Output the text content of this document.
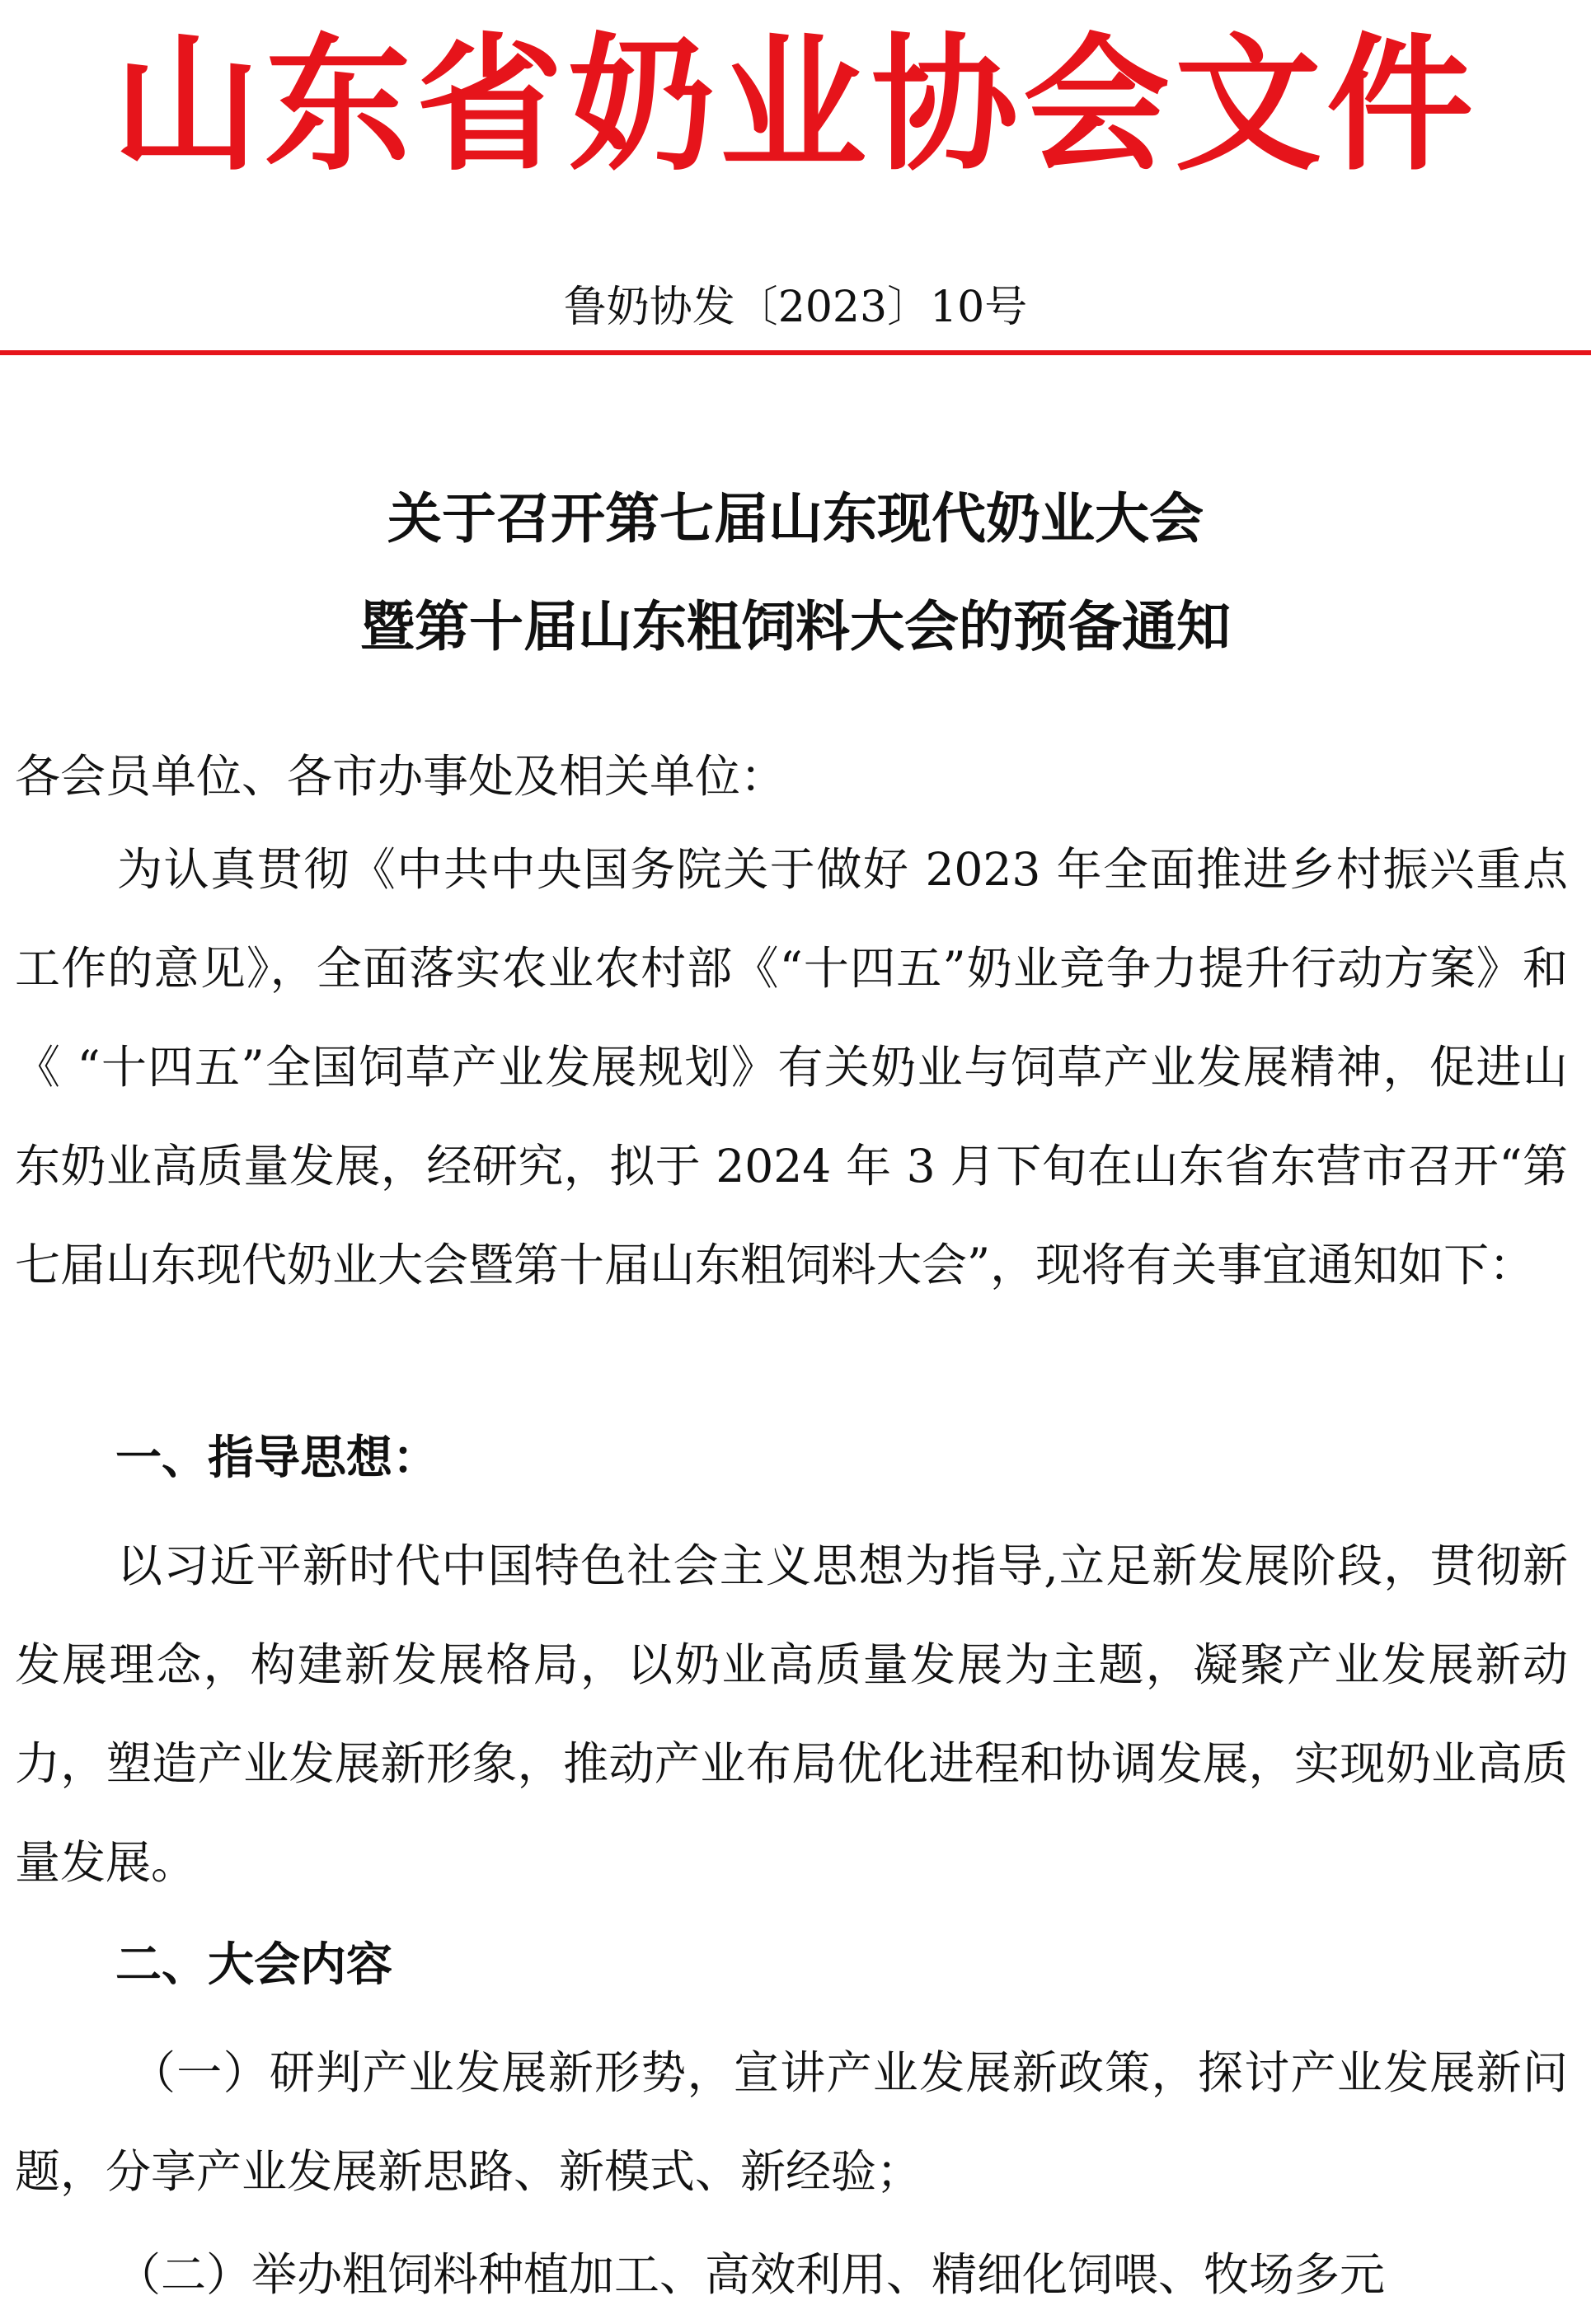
山东省奶业协会文件
鲁奶协发〔2023〕10号
关于召开第七届山东现代奶业大会
暨第十届山东粗饲料大会的预备通知
各会员单位、各市办事处及相关单位：
为认真贯彻《中共中央国务院关于做好 2023 年全面推进乡村振兴重点工作的意见》，全面落实农业农村部《“十四五”奶业竞争力提升行动方案》和《 “十四五”全国饲草产业发展规划》有关奶业与饲草产业发展精神，促进山东奶业高质量发展，经研究，拟于 2024 年 3 月下旬在山东省东营市召开“第七届山东现代奶业大会暨第十届山东粗饲料大会”，现将有关事宜通知如下：
一、指导思想：
以习近平新时代中国特色社会主义思想为指导,立足新发展阶段，贯彻新发展理念，构建新发展格局，以奶业高质量发展为主题，凝聚产业发展新动力，塑造产业发展新形象，推动产业布局优化进程和协调发展，实现奶业高质量发展。
二、大会内容
（一）研判产业发展新形势，宣讲产业发展新政策，探讨产业发展新问题，分享产业发展新思路、新模式、新经验；
（二）举办粗饲料种植加工、高效利用、精细化饲喂、牧场多元
